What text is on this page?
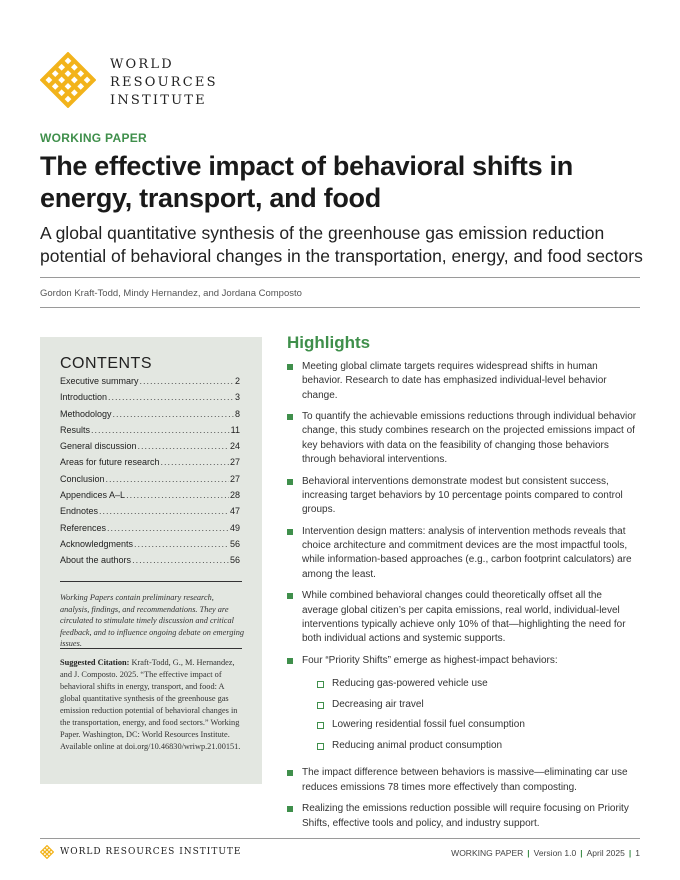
WORLD
RESOURCES
INSTITUTE
WORKING PAPER
The effective impact of behavioral shifts in energy, transport, and food
A global quantitative synthesis of the greenhouse gas emission reduction potential of behavioral changes in the transportation, energy, and food sectors
Gordon Kraft-Todd, Mindy Hernandez, and Jordana Composto
CONTENTS
Executive summary .....	2
Introduction .....	3
Methodology .....	8
Results .....	11
General discussion .....	24
Areas for future research .....	27
Conclusion .....	27
Appendices A–L .....	28
Endnotes .....	47
References .....	49
Acknowledgments .....	56
About the authors .....	56
Working Papers contain preliminary research, analysis, findings, and recommendations. They are circulated to stimulate timely discussion and critical feedback, and to influence ongoing debate on emerging issues.
Suggested Citation: Kraft-Todd, G., M. Hernandez, and J. Composto. 2025. “The effective impact of behavioral shifts in energy, transport, and food: A global quantitative synthesis of the greenhouse gas emission reduction potential of behavioral changes in the transportation, energy, and food sectors.” Working Paper. Washington, DC: World Resources Institute. Available online at doi.org/10.46830/wriwp.21.00151.
Highlights
Meeting global climate targets requires widespread shifts in human behavior. Research to date has emphasized individual-level behavior change.
To quantify the achievable emissions reductions through individual behavior change, this study combines research on the projected emissions impact of key behaviors with data on the feasibility of changing those behaviors through behavioral interventions.
Behavioral interventions demonstrate modest but consistent success, increasing target behaviors by 10 percentage points compared to control groups.
Intervention design matters: analysis of intervention methods reveals that choice architecture and commitment devices are the most impactful tools, while information-based approaches (e.g., carbon footprint calculators) are among the least.
While combined behavioral changes could theoretically offset all the average global citizen’s per capita emissions, real world, individual-level interventions typically achieve only 10% of that—highlighting the need for both individual actions and systemic supports.
Four “Priority Shifts” emerge as highest-impact behaviors:
Reducing gas-powered vehicle use
Decreasing air travel
Lowering residential fossil fuel consumption
Reducing animal product consumption
The impact difference between behaviors is massive—eliminating car use reduces emissions 78 times more effectively than composting.
Realizing the emissions reduction possible will require focusing on Priority Shifts, effective tools and policy, and industry support.
WORLD RESOURCES INSTITUTE	WORKING PAPER | Version 1.0 | April 2025 | 1
